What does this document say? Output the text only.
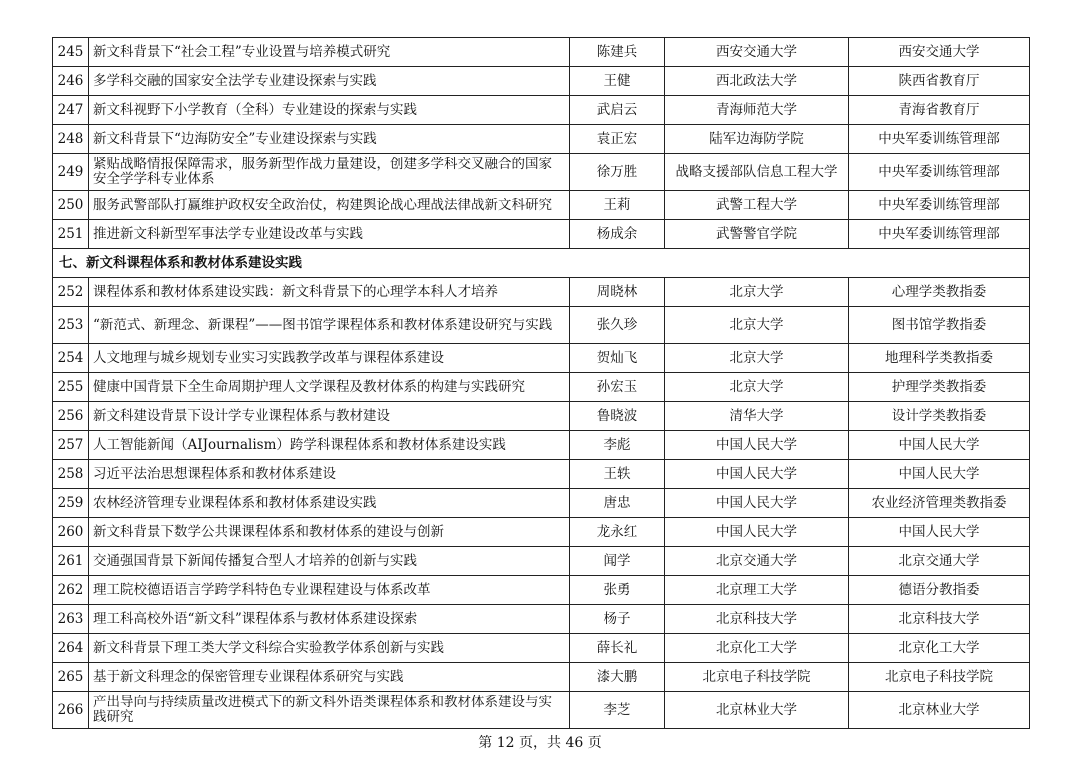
245	新文科背景下“社会工程”专业设置与培养模式研究	陈建兵	西安交通大学	西安交通大学
246	多学科交融的国家安全法学专业建设探索与实践	王健	西北政法大学	陕西省教育厅
247	新文科视野下小学教育（全科）专业建设的探索与实践	武启云	青海师范大学	青海省教育厅
248	新文科背景下“边海防安全”专业建设探索与实践	袁正宏	陆军边海防学院	中央军委训练管理部
249	紧贴战略情报保障需求，服务新型作战力量建设，创建多学科交叉融合的国家安全学学科专业体系	徐万胜	战略支援部队信息工程大学	中央军委训练管理部
250	服务武警部队打赢维护政权安全政治仗，构建舆论战心理战法律战新文科研究	王莉	武警工程大学	中央军委训练管理部
251	推进新文科新型军事法学专业建设改革与实践	杨成余	武警警官学院	中央军委训练管理部
七、新文科课程体系和教材体系建设实践				
252	课程体系和教材体系建设实践：新文科背景下的心理学本科人才培养	周晓林	北京大学	心理学类教指委
253	“新范式、新理念、新课程”——图书馆学课程体系和教材体系建设研究与实践	张久珍	北京大学	图书馆学教指委
254	人文地理与城乡规划专业实习实践教学改革与课程体系建设	贺灿飞	北京大学	地理科学类教指委
255	健康中国背景下全生命周期护理人文学课程及教材体系的构建与实践研究	孙宏玉	北京大学	护理学类教指委
256	新文科建设背景下设计学专业课程体系与教材建设	鲁晓波	清华大学	设计学类教指委
257	人工智能新闻（AIJournalism）跨学科课程体系和教材体系建设实践	李彪	中国人民大学	中国人民大学
258	习近平法治思想课程体系和教材体系建设	王轶	中国人民大学	中国人民大学
259	农林经济管理专业课程体系和教材体系建设实践	唐忠	中国人民大学	农业经济管理类教指委
260	新文科背景下数学公共课课程体系和教材体系的建设与创新	龙永红	中国人民大学	中国人民大学
261	交通强国背景下新闻传播复合型人才培养的创新与实践	闻学	北京交通大学	北京交通大学
262	理工院校德语语言学跨学科特色专业课程建设与体系改革	张勇	北京理工大学	德语分教指委
263	理工科高校外语“新文科”课程体系与教材体系建设探索	杨子	北京科技大学	北京科技大学
264	新文科背景下理工类大学文科综合实验教学体系创新与实践	薛长礼	北京化工大学	北京化工大学
265	基于新文科理念的保密管理专业课程体系研究与实践	漆大鹏	北京电子科技学院	北京电子科技学院
266	产出导向与持续质量改进模式下的新文科外语类课程体系和教材体系建设与实践研究	李芝	北京林业大学	北京林业大学
第 12 页，共 46 页
